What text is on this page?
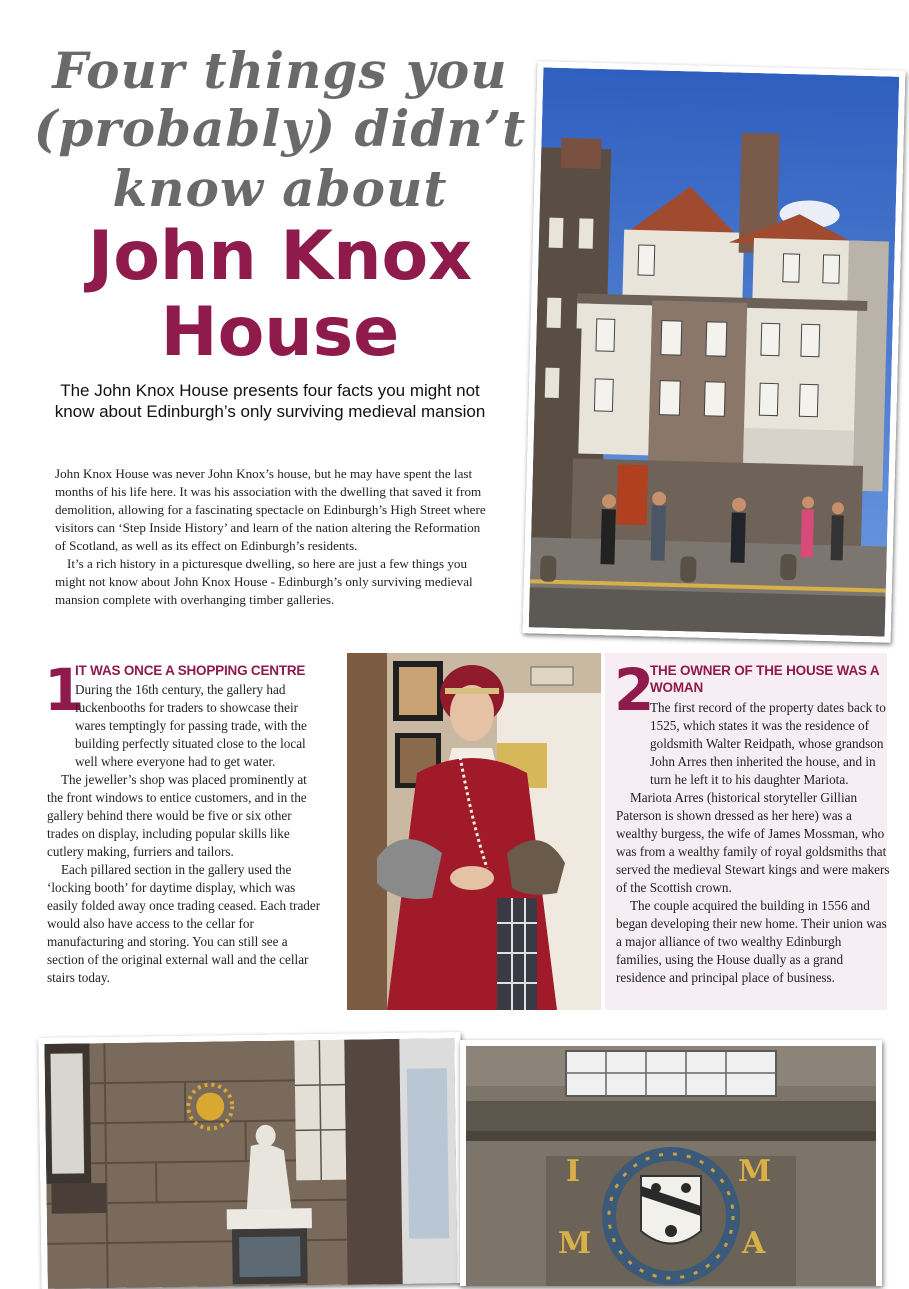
Four things you
(probably) didn’t
know about
John Knox
House
The John Knox House presents four facts you might not know about Edinburgh’s only surviving medieval mansion

John Knox House was never John Knox’s house, but he may have spent the last months of his life here. It was his association with the dwelling that saved it from demolition, allowing for a fascinating spectacle on Edinburgh’s High Street where visitors can ‘Step Inside History’ and learn of the nation altering the Reformation of Scotland, as well as its effect on Edinburgh’s residents.

It’s a rich history in a picturesque dwelling, so here are just a few things you might not know about John Knox House - Edinburgh’s only surviving medieval mansion complete with overhanging timber galleries.

1
IT WAS ONCE A SHOPPING CENTRE

During the 16th century, the gallery had luckenbooths for traders to showcase their wares temptingly for passing trade, with the building perfectly situated close to the local well where everyone had to get water.

The jeweller’s shop was placed prominently at the front windows to entice customers, and in the gallery behind there would be five or six other trades on display, including popular skills like cutlery making, furriers and tailors.

Each pillared section in the gallery used the ‘locking booth’ for daytime display, which was easily folded away once trading ceased. Each trader would also have access to the cellar for manufacturing and storing. You can still see a section of the original external wall and the cellar stairs today.

2
THE OWNER OF THE HOUSE WAS A WOMAN

The first record of the property dates back to 1525, which states it was the residence of goldsmith Walter Reidpath, whose grandson John Arres then inherited the house, and in turn he left it to his daughter Mariota.

Mariota Arres (historical storyteller Gillian Paterson is shown dressed as her here) was a wealthy burgess, the wife of James Mossman, who was from a wealthy family of royal goldsmiths that served the medieval Stewart kings and were makers of the Scottish crown.

The couple acquired the building in 1556 and began developing their new home. Their union was a major alliance of two wealthy Edinburgh families, using the House dually as a grand residence and principal place of business.

I	M
M	A
